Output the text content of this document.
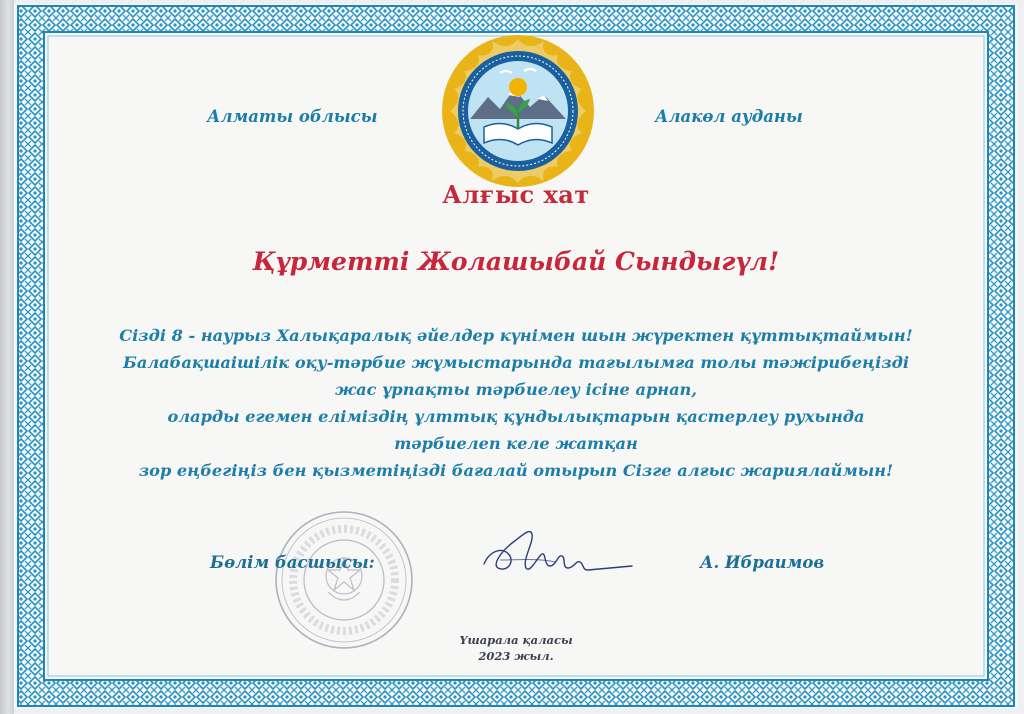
Алматы облысы	Алакөл ауданы
Алғыс хат
Құрметті Жолашыбай Сындыгүл!
Сізді 8 - наурыз Халықаралық әйелдер күнімен шын жүректен құттықтаймын!
Балабақшаішілік оқу-тәрбие жұмыстарында тағылымға толы тәжірибеңізді
жас ұрпақты тәрбиелеу ісіне арнап,
оларды егемен еліміздің ұлттық құндылықтарын қастерлеу рухында
тәрбиелеп келе жатқан
зор еңбегіңіз бен қызметіңізді бағалай отырып Сізге алғыс жариялаймын!
Бөлім басшысы:	А. Ибраимов
Үшарала қаласы
2023 жыл.
